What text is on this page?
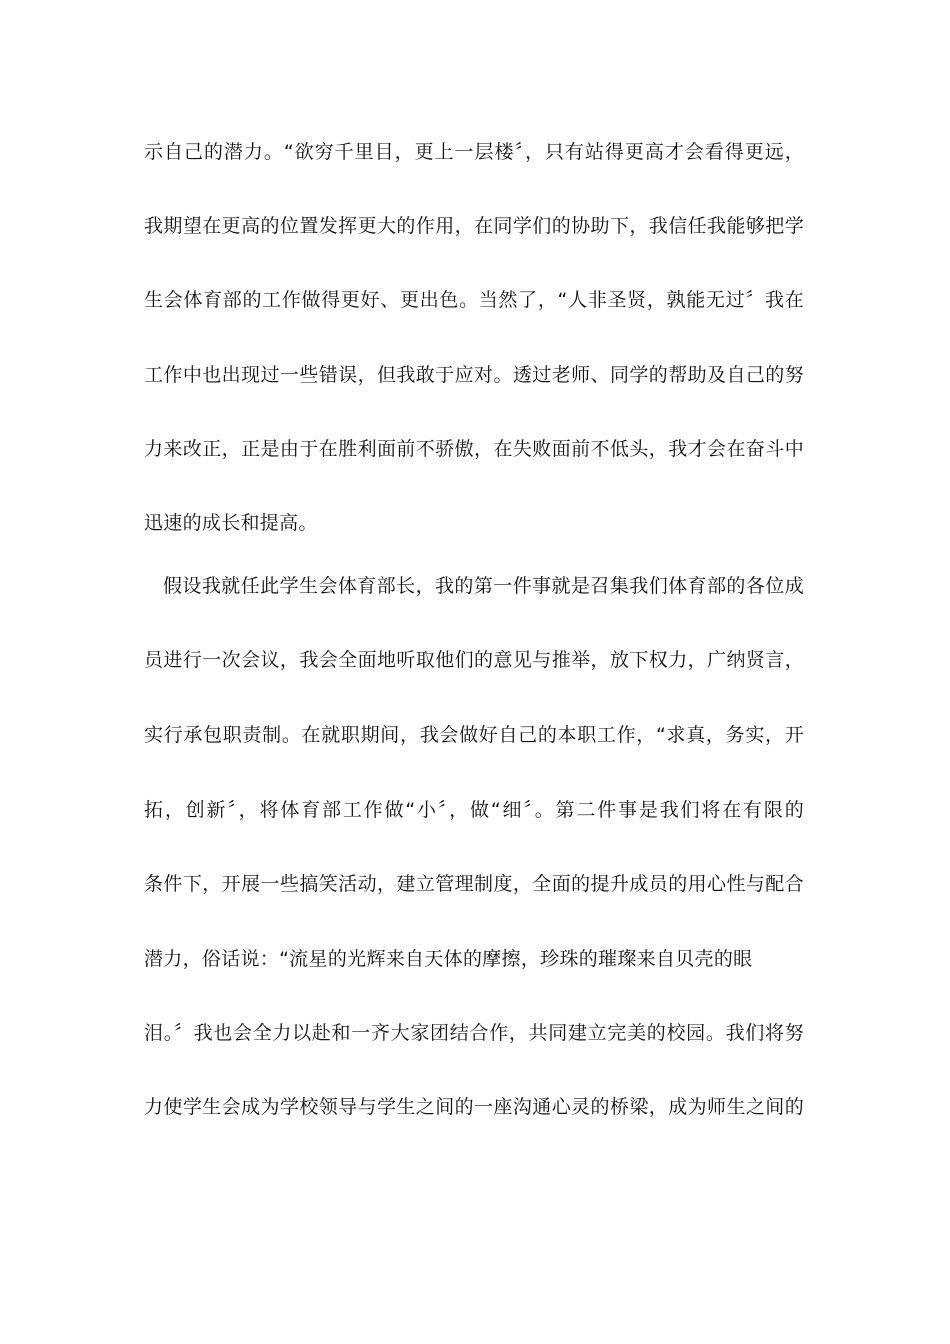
示自己的潜力。“欲穷千里目，更上一层楼〞，只有站得更高才会看得更远，
我期望在更高的位置发挥更大的作用，在同学们的协助下，我信任我能够把学
生会体育部的工作做得更好、更出色。当然了，“人非圣贤，孰能无过〞我在
工作中也出现过一些错误，但我敢于应对。透过老师、同学的帮助及自己的努
力来改正，正是由于在胜利面前不骄傲，在失败面前不低头，我才会在奋斗中
迅速的成长和提高。
假设我就任此学生会体育部长，我的第一件事就是召集我们体育部的各位成
员进行一次会议，我会全面地听取他们的意见与推举，放下权力，广纳贤言，
实行承包职责制。在就职期间，我会做好自己的本职工作，“求真，务实，开
拓，创新〞，将体育部工作做“小〞，做“细〞。第二件事是我们将在有限的
条件下，开展一些搞笑活动，建立管理制度，全面的提升成员的用心性与配合
潜力，俗话说：“流星的光辉来自天体的摩擦，珍珠的璀璨来自贝壳的眼
泪。〞我也会全力以赴和一齐大家团结合作，共同建立完美的校园。我们将努
力使学生会成为学校领导与学生之间的一座沟通心灵的桥梁，成为师生之间的
